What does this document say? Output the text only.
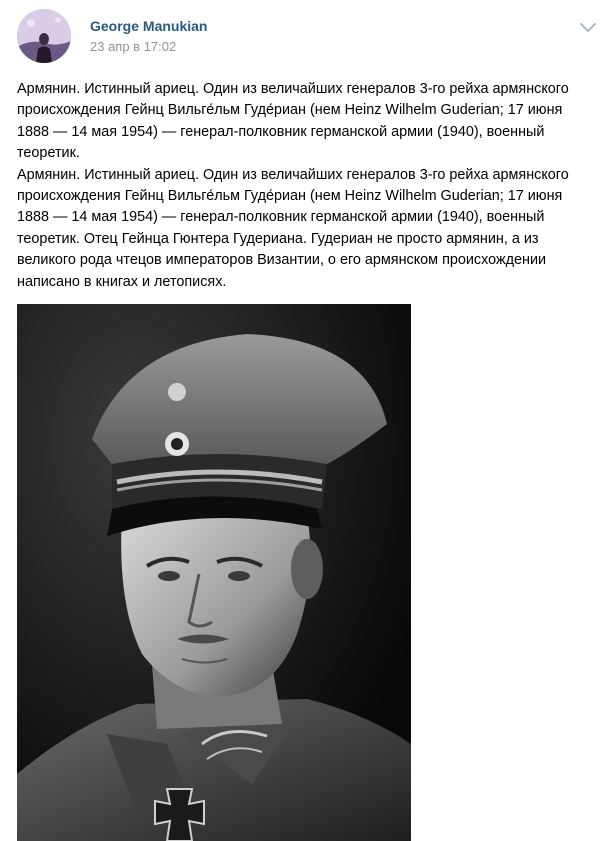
George Manukian
23 апр в 17:02

Армянин. Истинный ариец. Один из величайших генералов 3-го рейха армянского происхождения Гейнц Вильге́льм Гуде́риан (нем Heinz Wilhelm Guderian; 17 июня 1888 — 14 мая 1954) — генерал-полковник германской армии (1940), военный теоретик.

Армянин. Истинный ариец. Один из величайших генералов 3-го рейха армянского происхождения Гейнц Вильге́льм Гуде́риан (нем Heinz Wilhelm Guderian; 17 июня 1888 — 14 мая 1954) — генерал-полковник германской армии (1940), военный теоретик. Отец Гейнца Гюнтера Гудериана. Гудериан не просто армянин, а из великого рода чтецов императоров Византии, о его армянском происхождении написано в книгах и летописях.
